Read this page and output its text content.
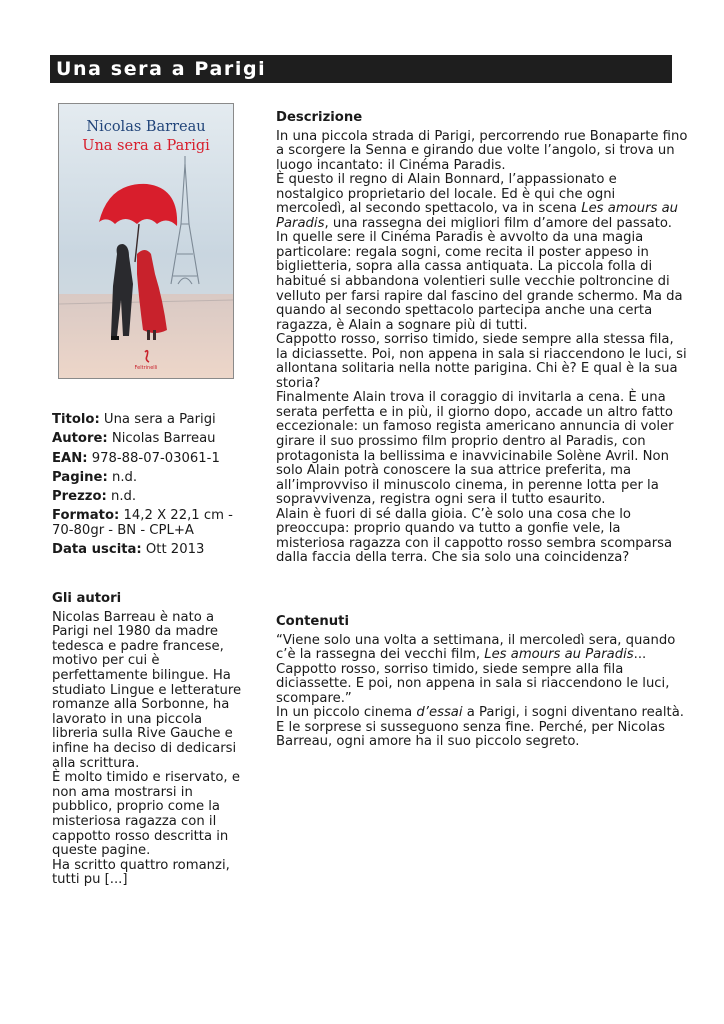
Una sera a Parigi
Nicolas Barreau
Una sera a Parigi
Feltrinelli
Titolo: Una sera a Parigi
Autore: Nicolas Barreau
EAN: 978-88-07-03061-1
Pagine: n.d.
Prezzo: n.d.
Formato: 14,2 X 22,1 cm - 70-80gr - BN - CPL+A
Data uscita: Ott 2013
Gli autori

Nicolas Barreau è nato a Parigi nel 1980 da madre tedesca e padre francese, motivo per cui è perfettamente bilingue. Ha studiato Lingue e letterature romanze alla Sorbonne, ha lavorato in una piccola libreria sulla Rive Gauche e infine ha deciso di dedicarsi alla scrittura.

È molto timido e riservato, e non ama mostrarsi in pubblico, proprio come la misteriosa ragazza con il cappotto rosso descritta in queste pagine.

Ha scritto quattro romanzi, tutti pu [...]

Descrizione

In una piccola strada di Parigi, percorrendo rue Bonaparte fino a scorgere la Senna e girando due volte l’angolo, si trova un luogo incantato: il Cinéma Paradis.

È questo il regno di Alain Bonnard, l’appassionato e nostalgico proprietario del locale. Ed è qui che ogni mercoledì, al secondo spettacolo, va in scena Les amours au Paradis, una rassegna dei migliori film d’amore del passato.

In quelle sere il Cinéma Paradis è avvolto da una magia particolare: regala sogni, come recita il poster appeso in biglietteria, sopra alla cassa antiquata. La piccola folla di habitué si abbandona volentieri sulle vecchie poltroncine di velluto per farsi rapire dal fascino del grande schermo. Ma da quando al secondo spettacolo partecipa anche una certa ragazza, è Alain a sognare più di tutti.

Cappotto rosso, sorriso timido, siede sempre alla stessa fila, la diciassette. Poi, non appena in sala si riaccendono le luci, si allontana solitaria nella notte parigina. Chi è? E qual è la sua storia?

Finalmente Alain trova il coraggio di invitarla a cena. È una serata perfetta e in più, il giorno dopo, accade un altro fatto eccezionale: un famoso regista americano annuncia di voler girare il suo prossimo film proprio dentro al Paradis, con protagonista la bellissima e inavvicinabile Solène Avril. Non solo Alain potrà conoscere la sua attrice preferita, ma all’improvviso il minuscolo cinema, in perenne lotta per la sopravvivenza, registra ogni sera il tutto esaurito.

Alain è fuori di sé dalla gioia. C’è solo una cosa che lo preoccupa: proprio quando va tutto a gonfie vele, la misteriosa ragazza con il cappotto rosso sembra scomparsa dalla faccia della terra. Che sia solo una coincidenza?

Contenuti

“Viene solo una volta a settimana, il mercoledì sera, quando c’è la rassegna dei vecchi film, Les amours au Paradis... Cappotto rosso, sorriso timido, siede sempre alla fila diciassette. E poi, non appena in sala si riaccendono le luci, scompare.”

In un piccolo cinema d’essai a Parigi, i sogni diventano realtà. E le sorprese si susseguono senza fine. Perché, per Nicolas Barreau, ogni amore ha il suo piccolo segreto.
